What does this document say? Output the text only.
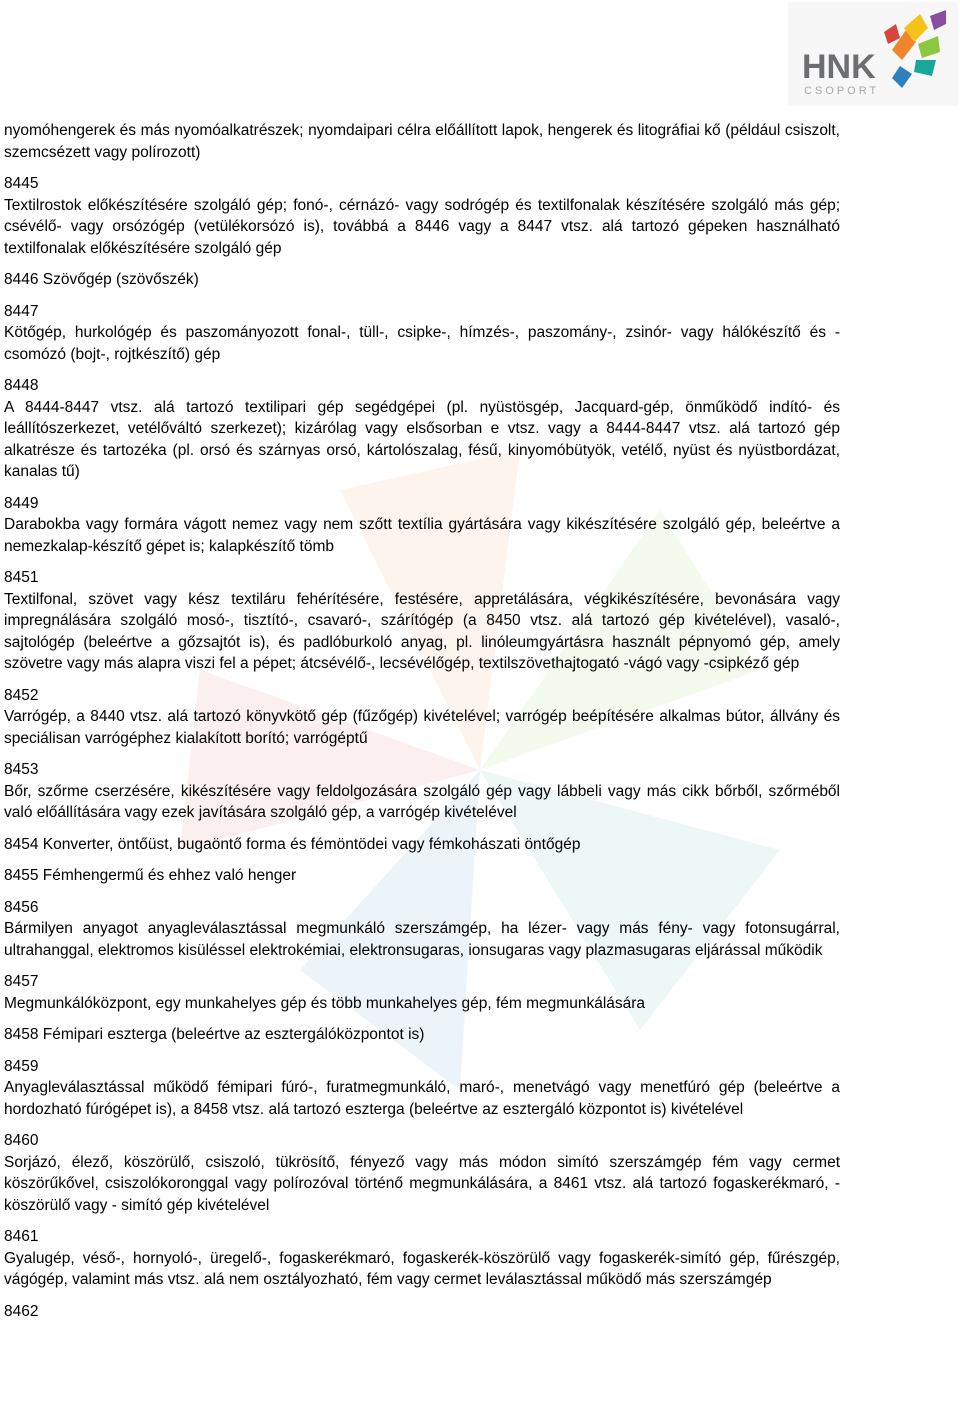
HNK
CSOPORT
nyomóhengerek és más nyomóalkatrészek; nyomdaipari célra előállított lapok, hengerek és litográfiai kő (például csiszolt, szemcsézett vagy polírozott)
8445
Textilrostok előkészítésére szolgáló gép; fonó-, cérnázó- vagy sodrógép és textilfonalak készítésére szolgáló más gép; csévélő- vagy orsózógép (vetülékorsózó is), továbbá a 8446 vagy a 8447 vtsz. alá tartozó gépeken használható textilfonalak előkészítésére szolgáló gép
8446 Szövőgép (szövőszék)
8447
Kötőgép, hurkológép és paszományozott fonal-, tüll-, csipke-, hímzés-, paszomány-, zsinór- vagy hálókészítő és -csomózó (bojt-, rojtkészítő) gép
8448
A 8444-8447 vtsz. alá tartozó textilipari gép segédgépei (pl. nyüstösgép, Jacquard-gép, önműködő indító- és leállítószerkezet, vetélőváltó szerkezet); kizárólag vagy elsősorban e vtsz. vagy a 8444-8447 vtsz. alá tartozó gép alkatrésze és tartozéka (pl. orsó és szárnyas orsó, kártolószalag, fésű, kinyomóbütyök, vetélő, nyüst és nyüstbordázat, kanalas tű)
8449
Darabokba vagy formára vágott nemez vagy nem szőtt textília gyártására vagy kikészítésére szolgáló gép, beleértve a nemezkalap-készítő gépet is; kalapkészítő tömb
8451
Textilfonal, szövet vagy kész textiláru fehérítésére, festésére, appretálására, végkikészítésére, bevonására vagy impregnálására szolgáló mosó-, tisztító-, csavaró-, szárítógép (a 8450 vtsz. alá tartozó gép kivételével), vasaló-, sajtológép (beleértve a gőzsajtót is), és padlóburkoló anyag, pl. linóleumgyártásra használt pépnyomó gép, amely szövetre vagy más alapra viszi fel a pépet; átcsévélő-, lecsévélőgép, textilszövethajtogató -vágó vagy -csipkéző gép
8452
Varrógép, a 8440 vtsz. alá tartozó könyvkötő gép (fűzőgép) kivételével; varrógép beépítésére alkalmas bútor, állvány és speciálisan varrógéphez kialakított borító; varrógéptű
8453
Bőr, szőrme cserzésére, kikészítésére vagy feldolgozására szolgáló gép vagy lábbeli vagy más cikk bőrből, szőrméből való előállítására vagy ezek javítására szolgáló gép, a varrógép kivételével
8454 Konverter, öntőüst, bugaöntő forma és fémöntödei vagy fémkohászati öntőgép
8455 Fémhengermű és ehhez való henger
8456
Bármilyen anyagot anyagleválasztással megmunkáló szerszámgép, ha lézer- vagy más fény- vagy fotonsugárral, ultrahanggal, elektromos kisüléssel elektrokémiai, elektronsugaras, ionsugaras vagy plazmasugaras eljárással működik
8457
Megmunkálóközpont, egy munkahelyes gép és több munkahelyes gép, fém megmunkálására
8458 Fémipari eszterga (beleértve az esztergálóközpontot is)
8459
Anyagleválasztással működő fémipari fúró-, furatmegmunkáló, maró-, menetvágó vagy menetfúró gép (beleértve a hordozható fúrógépet is), a 8458 vtsz. alá tartozó eszterga (beleértve az esztergáló központot is) kivételével
8460
Sorjázó, élező, köszörülő, csiszoló, tükrösítő, fényező vagy más módon simító szerszámgép fém vagy cermet köszörűkővel, csiszolókoronggal vagy polírozóval történő megmunkálására, a 8461 vtsz. alá tartozó fogaskerékmaró, -köszörülő vagy - simító gép kivételével
8461
Gyalugép, véső-, hornyoló-, üregelő-, fogaskerékmaró, fogaskerék-köszörülő vagy fogaskerék-simító gép, fűrészgép, vágógép, valamint más vtsz. alá nem osztályozható, fém vagy cermet leválasztással működő más szerszámgép
8462
